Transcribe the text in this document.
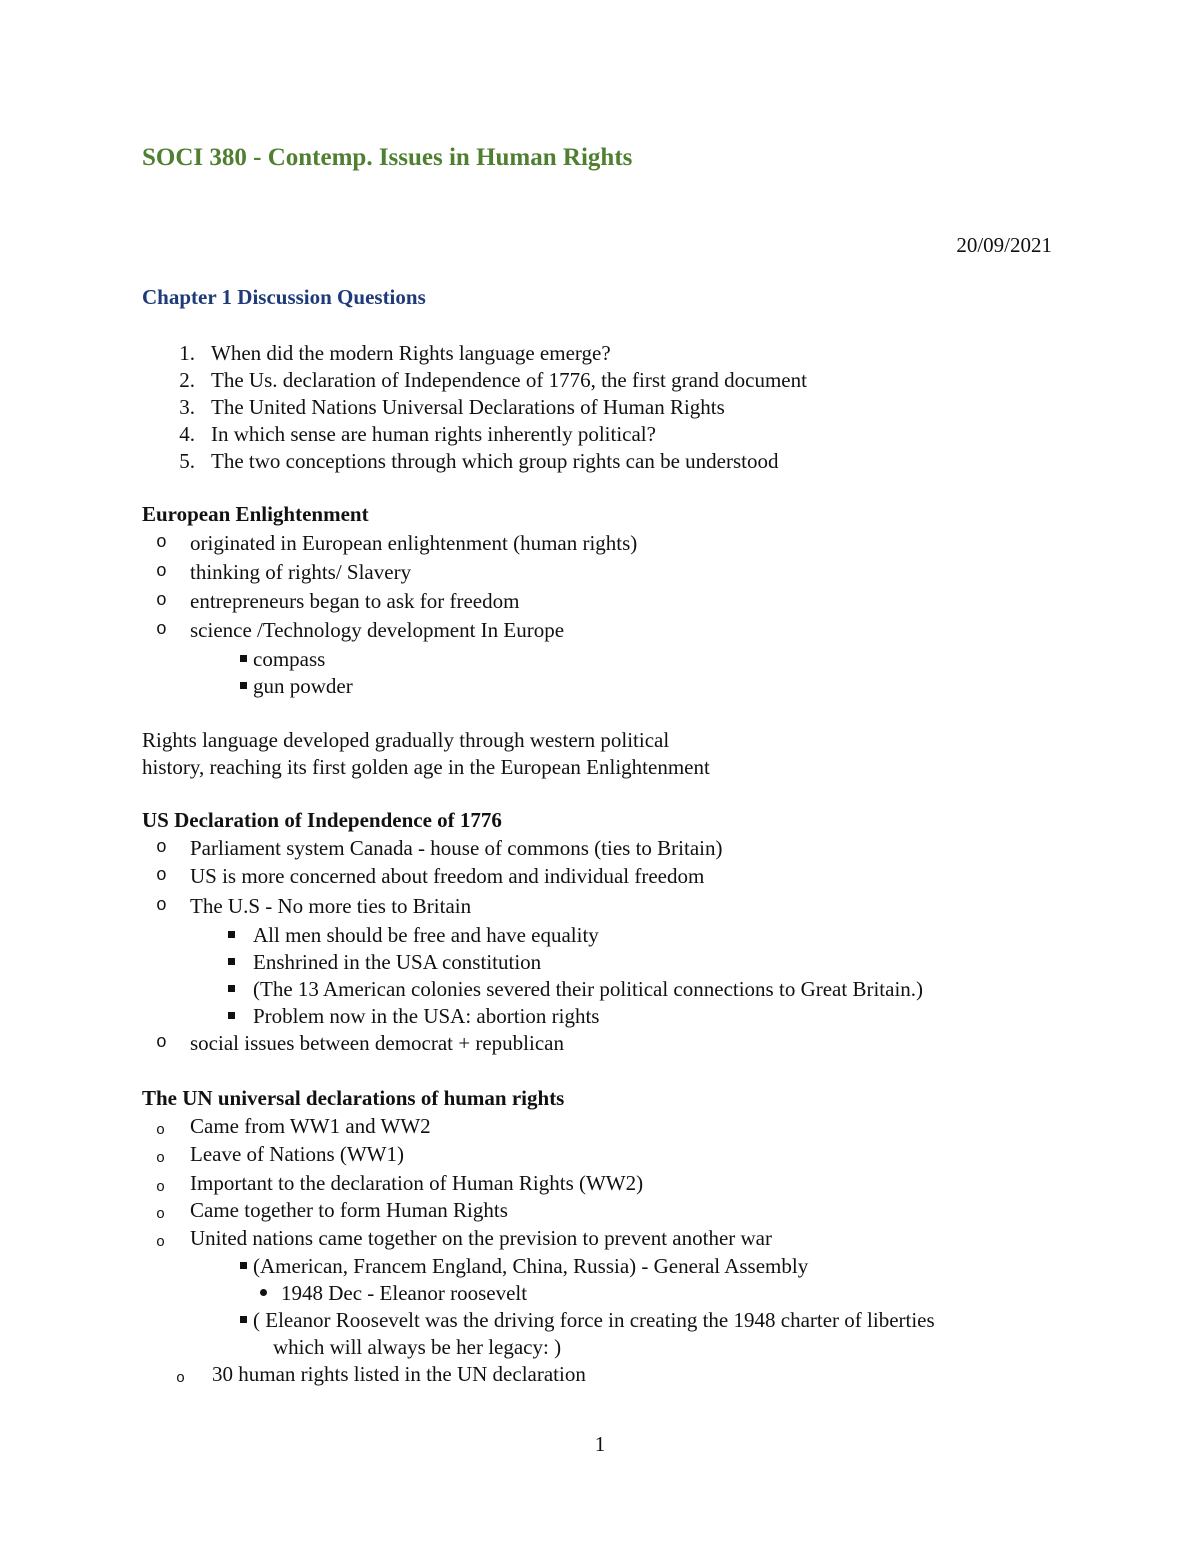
SOCI 380 - Contemp. Issues in Human Rights
20/09/2021
Chapter 1 Discussion Questions
1. When did the modern Rights language emerge?
2. The Us. declaration of Independence of 1776, the first grand document
3. The United Nations Universal Declarations of Human Rights
4. In which sense are human rights inherently political?
5. The two conceptions through which group rights can be understood
European Enlightenment
o originated in European enlightenment (human rights)
o thinking of rights/ Slavery
o entrepreneurs began to ask for freedom
o science /Technology development In Europe
compass
gun powder
Rights language developed gradually through western political
history, reaching its first golden age in the European Enlightenment
US Declaration of Independence of 1776
o Parliament system Canada - house of commons (ties to Britain)
o US is more concerned about freedom and individual freedom
o The U.S - No more ties to Britain
All men should be free and have equality
Enshrined in the USA constitution
(The 13 American colonies severed their political connections to Great Britain.)
Problem now in the USA: abortion rights
o social issues between democrat + republican
The UN universal declarations of human rights
o Came from WW1 and WW2
o Leave of Nations (WW1)
o Important to the declaration of Human Rights (WW2)
o Came together to form Human Rights
o United nations came together on the prevision to prevent another war
(American, Francem England, China, Russia) - General Assembly
1948 Dec - Eleanor roosevelt
( Eleanor Roosevelt was the driving force in creating the 1948 charter of liberties
which will always be her legacy: )
o 30 human rights listed in the UN declaration
1
